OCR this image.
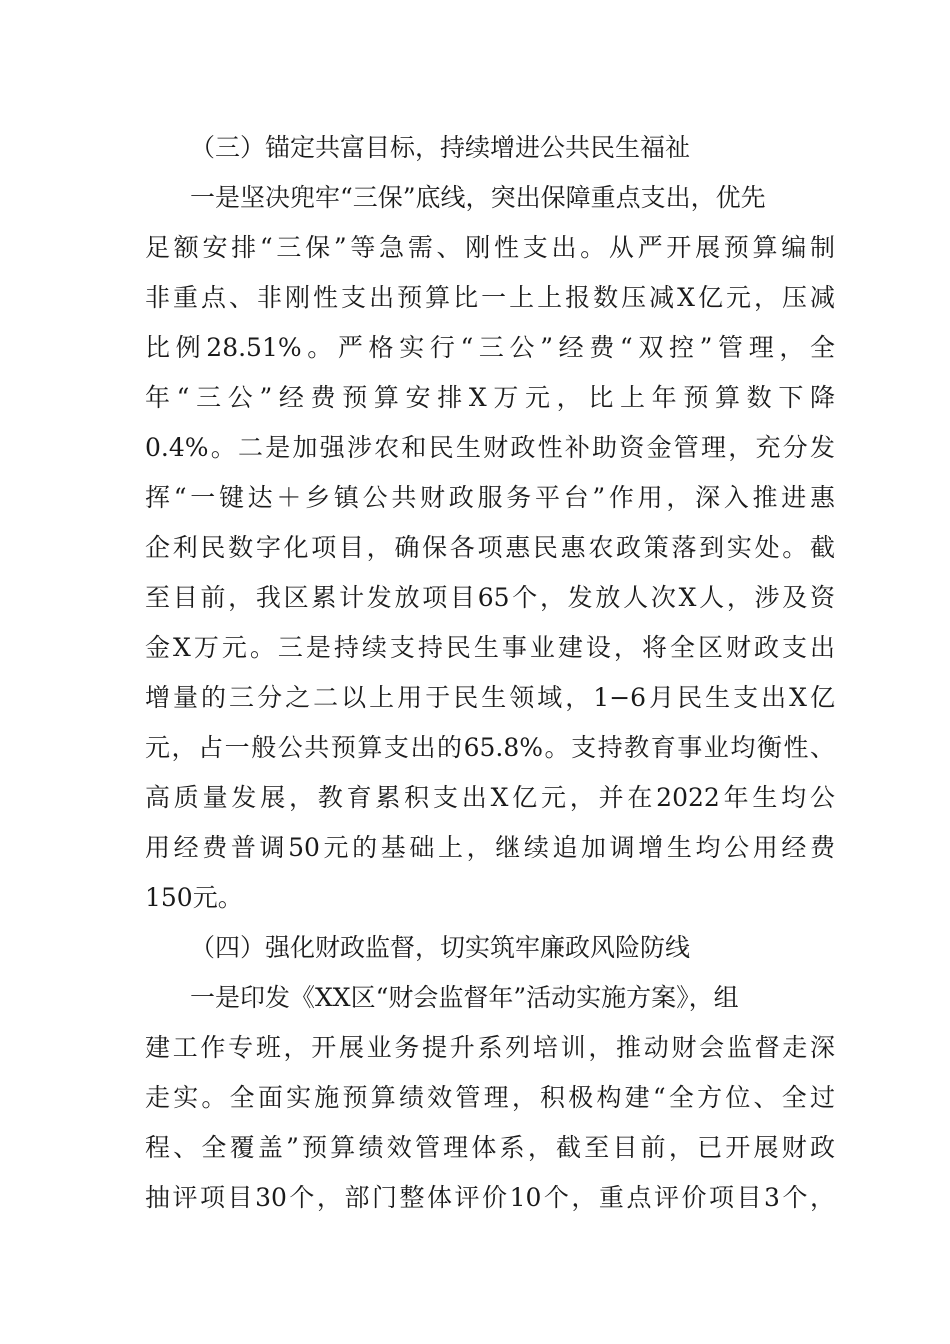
（三）锚定共富目标，持续增进公共民生福祉
一是坚决兜牢“三保”底线，突出保障重点支出，优先
足额安排“三保”等急需、刚性支出。从严开展预算编制
非重点、非刚性支出预算比一上上报数压减X亿元，压减
比例28.51%。严格实行“三公”经费“双控”管理，全
年“三公”经费预算安排X万元，比上年预算数下降
0.4%。二是加强涉农和民生财政性补助资金管理，充分发
挥“一键达＋乡镇公共财政服务平台”作用，深入推进惠
企利民数字化项目，确保各项惠民惠农政策落到实处。截
至目前，我区累计发放项目65个，发放人次X人，涉及资
金X万元。三是持续支持民生事业建设，将全区财政支出
增量的三分之二以上用于民生领域，1−6月民生支出X亿
元，占一般公共预算支出的65.8%。支持教育事业均衡性、
高质量发展，教育累积支出X亿元，并在2022年生均公
用经费普调50元的基础上，继续追加调增生均公用经费
150元。
（四）强化财政监督，切实筑牢廉政风险防线
一是印发《XX区“财会监督年”活动实施方案》，组
建工作专班，开展业务提升系列培训，推动财会监督走深
走实。全面实施预算绩效管理，积极构建“全方位、全过
程、全覆盖”预算绩效管理体系，截至目前，已开展财政
抽评项目30个，部门整体评价10个，重点评价项目3个，
